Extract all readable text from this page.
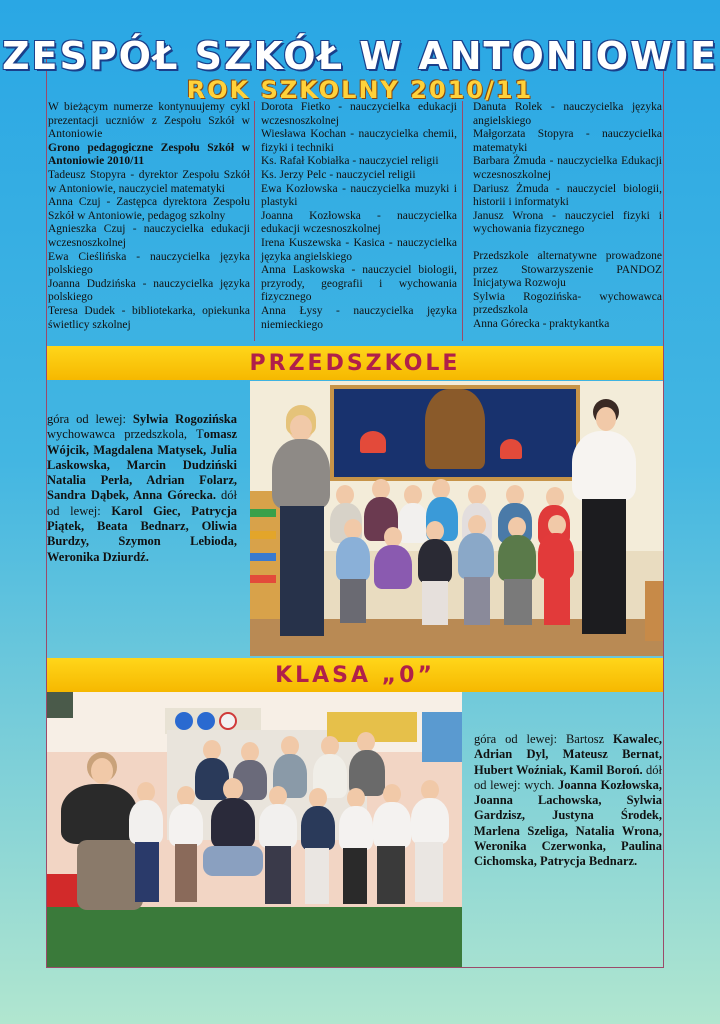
ZESPÓŁ SZKÓŁ W ANTONIOWIE
ROK SZKOLNY 2010/11

W bieżącym numerze kontynuujemy cykl prezentacji uczniów z Zespołu Szkół w Antoniowie

Grono pedagogiczne Zespołu Szkół w Antoniowie 2010/11

Tadeusz Stopyra - dyrektor Zespołu Szkół w Antoniowie, nauczyciel matematyki

Anna Czuj - Zastępca dyrektora Zespołu Szkół w Antoniowie, pedagog szkolny

Agnieszka Czuj - nauczycielka edukacji wczesnoszkolnej

Ewa Cieślińska - nauczycielka języka polskiego

Joanna Dudzińska - nauczycielka języka polskiego

Teresa Dudek - bibliotekarka, opiekunka świetlicy szkolnej

Dorota Fietko - nauczycielka edukacji wczesnoszkolnej

Wiesława Kochan - nauczycielka chemii, fizyki i techniki

Ks. Rafał Kobiałka - nauczyciel religii

Ks. Jerzy Pelc - nauczyciel religii

Ewa Kozłowska - nauczycielka muzyki i plastyki

Joanna Kozłowska - nauczycielka edukacji wczesnoszkolnej

Irena Kuszewska - Kasica - nauczycielka języka angielskiego

Anna Laskowska - nauczyciel biologii, przyrody, geografii i wychowania fizycznego

Anna Łysy - nauczycielka języka niemieckiego

Danuta Rolek - nauczycielka języka angielskiego

Małgorzata Stopyra - nauczycielka matematyki

Barbara Żmuda - nauczycielka Edukacji wczesnoszkolnej

Dariusz Żmuda - nauczyciel biologii, historii i informatyki

Janusz Wrona - nauczyciel fizyki i wychowania fizycznego

Przedszkole alternatywne prowadzone przez Stowarzyszenie PANDOZ Inicjatywa Rozwoju

Sylwia Rogozińska- wychowawca przedszkola

Anna Górecka - praktykantka

PRZEDSZKOLE
góra od lewej: Sylwia Rogozińska wychowawca przedszkola, Tomasz Wójcik, Magdalena Matysek, Julia Laskowska, Marcin Dudziński Natalia Perła, Adrian Folarz, Sandra Dąbek, Anna Górecka. dół od lewej: Karol Giec, Patrycja Piątek, Beata Bednarz, Oliwia Burdzy, Szymon Lebioda, Weronika Dziurdź.
KLASA „0”
góra od lewej: Bartosz Kawalec, Adrian Dyl, Mateusz Bernat, Hubert Woźniak, Kamil Boroń. dół od lewej: wych. Joanna Kozłowska, Joanna Lachowska, Sylwia Gardzisz, Justyna Środek, Marlena Szeliga, Natalia Wrona, Weronika Czerwonka, Paulina Cichomska, Patrycja Bednarz.
